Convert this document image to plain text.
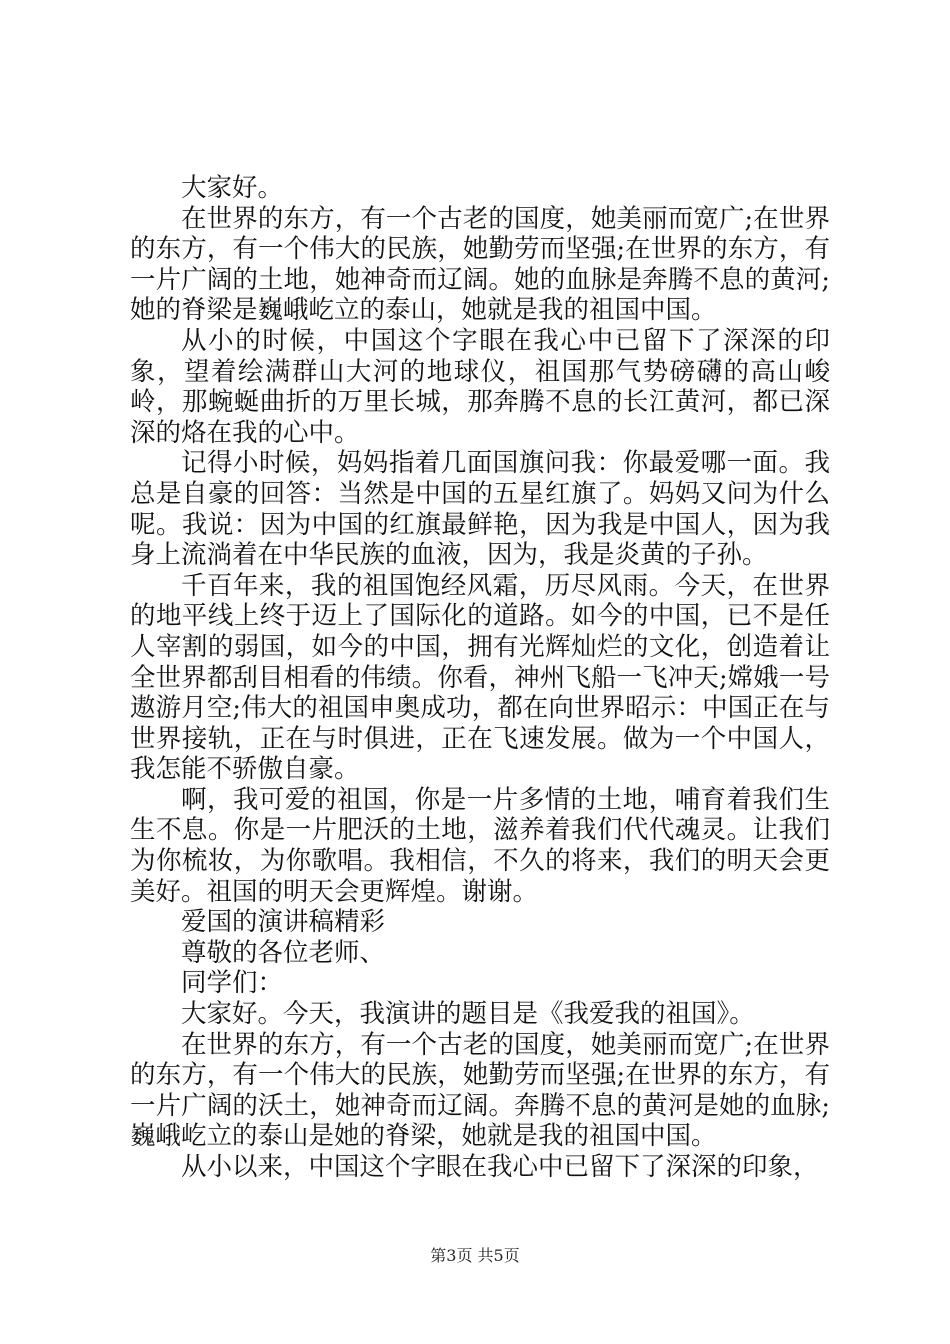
大家好。

在世界的东方，有一个古老的国度，她美丽而宽广;在世界的东方，有一个伟大的民族，她勤劳而坚强;在世界的东方，有一片广阔的土地，她神奇而辽阔。她的血脉是奔腾不息的黄河;她的脊梁是巍峨屹立的泰山，她就是我的祖国中国。

从小的时候，中国这个字眼在我心中已留下了深深的印象，望着绘满群山大河的地球仪，祖国那气势磅礴的高山峻岭，那蜿蜒曲折的万里长城，那奔腾不息的长江黄河，都已深深的烙在我的心中。

记得小时候，妈妈指着几面国旗问我：你最爱哪一面。我总是自豪的回答：当然是中国的五星红旗了。妈妈又问为什么呢。我说：因为中国的红旗最鲜艳，因为我是中国人，因为我身上流淌着在中华民族的血液，因为，我是炎黄的子孙。

千百年来，我的祖国饱经风霜，历尽风雨。今天，在世界的地平线上终于迈上了国际化的道路。如今的中国，已不是任人宰割的弱国，如今的中国，拥有光辉灿烂的文化，创造着让全世界都刮目相看的伟绩。你看，神州飞船一飞冲天;嫦娥一号遨游月空;伟大的祖国申奥成功，都在向世界昭示：中国正在与世界接轨，正在与时俱进，正在飞速发展。做为一个中国人，我怎能不骄傲自豪。

啊，我可爱的祖国，你是一片多情的土地，哺育着我们生生不息。你是一片肥沃的土地，滋养着我们代代魂灵。让我们为你梳妆，为你歌唱。我相信，不久的将来，我们的明天会更美好。祖国的明天会更辉煌。谢谢。

爱国的演讲稿精彩

尊敬的各位老师、

同学们：

大家好。今天，我演讲的题目是《我爱我的祖国》。

在世界的东方，有一个古老的国度，她美丽而宽广;在世界的东方，有一个伟大的民族，她勤劳而坚强;在世界的东方，有一片广阔的沃土，她神奇而辽阔。奔腾不息的黄河是她的血脉;巍峨屹立的泰山是她的脊梁，她就是我的祖国中国。

从小以来，中国这个字眼在我心中已留下了深深的印象，

第3页 共5页
